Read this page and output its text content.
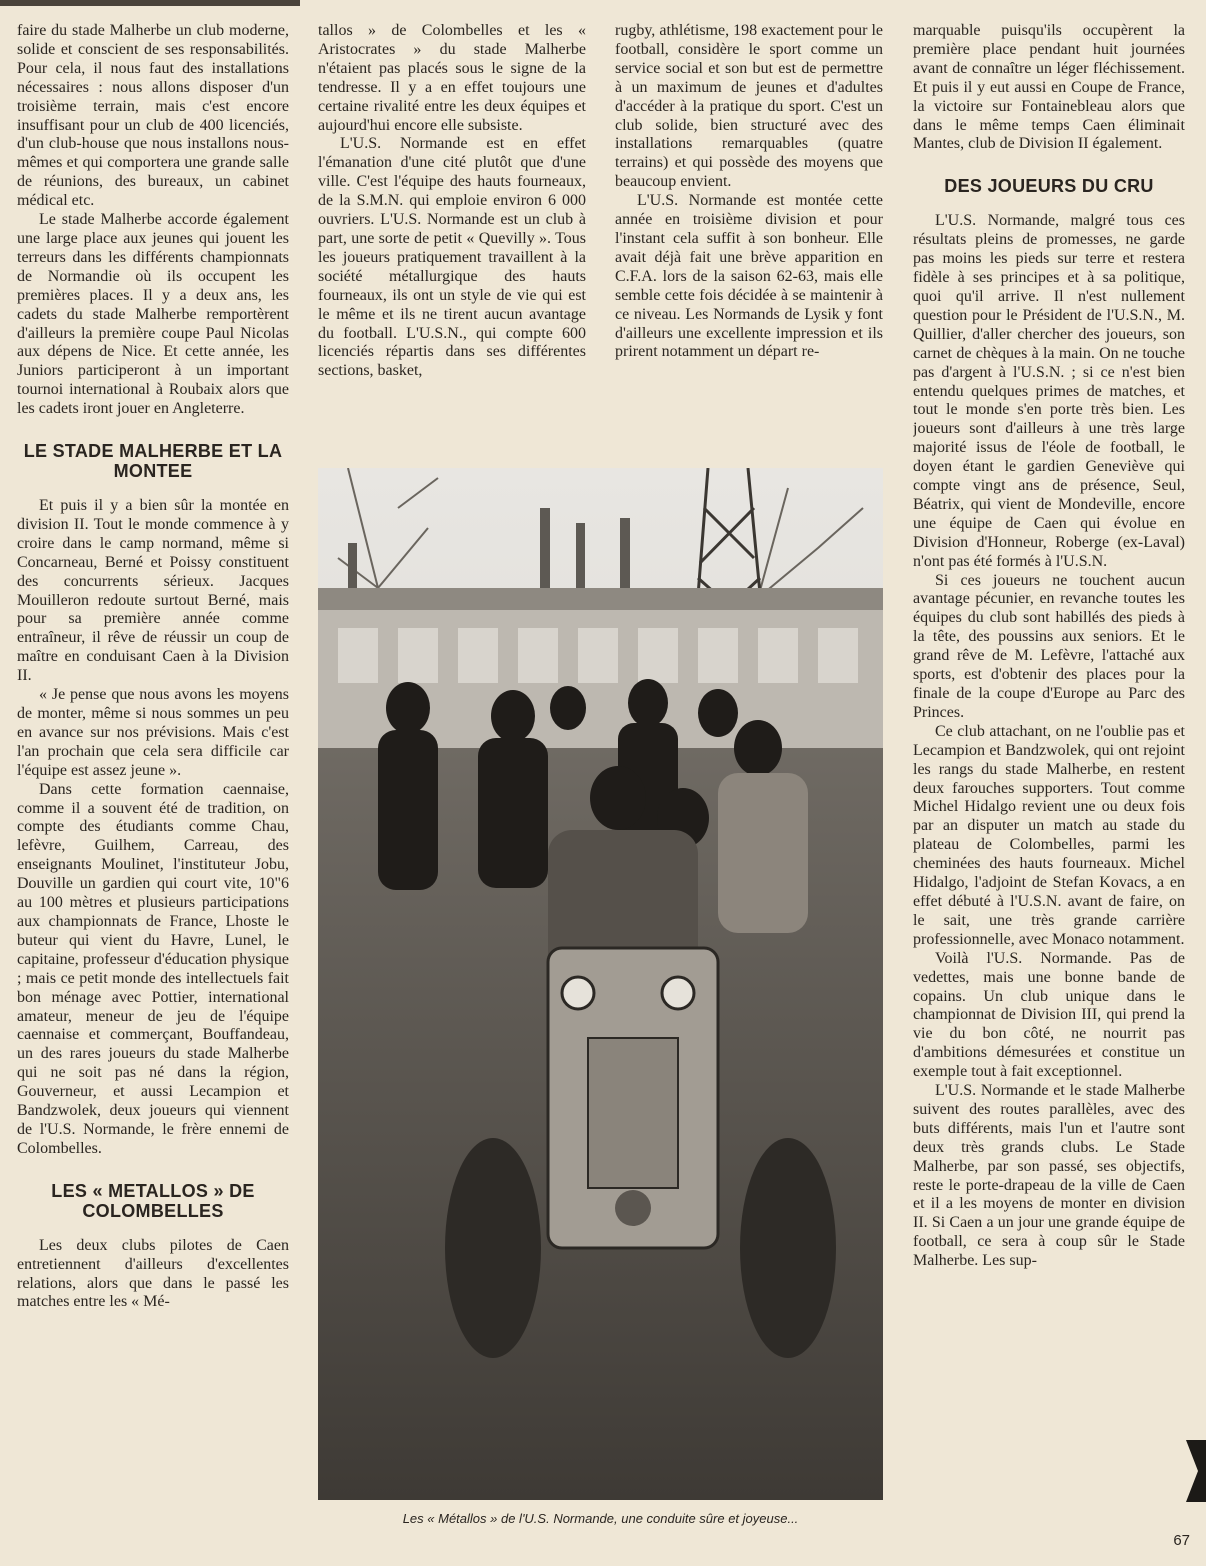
faire du stade Malherbe un club moderne, solide et conscient de ses responsabilités. Pour cela, il nous faut des installations nécessaires : nous allons disposer d'un troisième terrain, mais c'est encore insuffisant pour un club de 400 licenciés, d'un club-house que nous installons nous-mêmes et qui comportera une grande salle de réunions, des bureaux, un cabinet médical etc.

Le stade Malherbe accorde également une large place aux jeunes qui jouent les terreurs dans les différents championnats de Normandie où ils occupent les premières places. Il y a deux ans, les cadets du stade Malherbe remportèrent d'ailleurs la première coupe Paul Nicolas aux dépens de Nice. Et cette année, les Juniors participeront à un important tournoi international à Roubaix alors que les cadets iront jouer en Angleterre.

LE STADE MALHERBE ET LA MONTEE

Et puis il y a bien sûr la montée en division II. Tout le monde commence à y croire dans le camp normand, même si Concarneau, Berné et Poissy constituent des concurrents sérieux. Jacques Mouilleron redoute surtout Berné, mais pour sa première année comme entraîneur, il rêve de réussir un coup de maître en conduisant Caen à la Division II.

« Je pense que nous avons les moyens de monter, même si nous sommes un peu en avance sur nos prévisions. Mais c'est l'an prochain que cela sera difficile car l'équipe est assez jeune ».

Dans cette formation caennaise, comme il a souvent été de tradition, on compte des étudiants comme Chau, lefèvre, Guilhem, Carreau, des enseignants Moulinet, l'instituteur Jobu, Douville un gardien qui court vite, 10"6 au 100 mètres et plusieurs participations aux championnats de France, Lhoste le buteur qui vient du Havre, Lunel, le capitaine, professeur d'éducation physique ; mais ce petit monde des intellectuels fait bon ménage avec Pottier, international amateur, meneur de jeu de l'équipe caennaise et commerçant, Bouffandeau, un des rares joueurs du stade Malherbe qui ne soit pas né dans la région, Gouverneur, et aussi Lecampion et Bandzwolek, deux joueurs qui viennent de l'U.S. Normande, le frère ennemi de Colombelles.

LES « METALLOS » DE COLOMBELLES

Les deux clubs pilotes de Caen entretiennent d'ailleurs d'excellentes relations, alors que dans le passé les matches entre les « Mé-

tallos » de Colombelles et les « Aristocrates » du stade Malherbe n'étaient pas placés sous le signe de la tendresse. Il y a en effet toujours une certaine rivalité entre les deux équipes et aujourd'hui encore elle subsiste.

L'U.S. Normande est en effet l'émanation d'une cité plutôt que d'une ville. C'est l'équipe des hauts fourneaux, de la S.M.N. qui emploie environ 6 000 ouvriers. L'U.S. Normande est un club à part, une sorte de petit « Quevilly ». Tous les joueurs pratiquement travaillent à la société métallurgique des hauts fourneaux, ils ont un style de vie qui est le même et ils ne tirent aucun avantage du football. L'U.S.N., qui compte 600 licenciés répartis dans ses différentes sections, basket,

rugby, athlétisme, 198 exactement pour le football, considère le sport comme un service social et son but est de permettre à un maximum de jeunes et d'adultes d'accéder à la pratique du sport. C'est un club solide, bien structuré avec des installations remarquables (quatre terrains) et qui possède des moyens que beaucoup envient.

L'U.S. Normande est montée cette année en troisième division et pour l'instant cela suffit à son bonheur. Elle avait déjà fait une brève apparition en C.F.A. lors de la saison 62-63, mais elle semble cette fois décidée à se maintenir à ce niveau. Les Normands de Lysik y font d'ailleurs une excellente impression et ils prirent notamment un départ re-

Les « Métallos » de l'U.S. Normande, une conduite sûre et joyeuse...

marquable puisqu'ils occupèrent la première place pendant huit journées avant de connaître un léger fléchissement. Et puis il y eut aussi en Coupe de France, la victoire sur Fontainebleau alors que dans le même temps Caen éliminait Mantes, club de Division II également.

DES JOUEURS DU CRU

L'U.S. Normande, malgré tous ces résultats pleins de promesses, ne garde pas moins les pieds sur terre et restera fidèle à ses principes et à sa politique, quoi qu'il arrive. Il n'est nullement question pour le Président de l'U.S.N., M. Quillier, d'aller chercher des joueurs, son carnet de chèques à la main. On ne touche pas d'argent à l'U.S.N. ; si ce n'est bien entendu quelques primes de matches, et tout le monde s'en porte très bien. Les joueurs sont d'ailleurs à une très large majorité issus de l'éole de football, le doyen étant le gardien Geneviève qui compte vingt ans de présence, Seul, Béatrix, qui vient de Mondeville, encore une équipe de Caen qui évolue en Division d'Honneur, Roberge (ex-Laval) n'ont pas été formés à l'U.S.N.

Si ces joueurs ne touchent aucun avantage pécunier, en revanche toutes les équipes du club sont habillés des pieds à la tête, des poussins aux seniors. Et le grand rêve de M. Lefèvre, l'attaché aux sports, est d'obtenir des places pour la finale de la coupe d'Europe au Parc des Princes.

Ce club attachant, on ne l'oublie pas et Lecampion et Bandzwolek, qui ont rejoint les rangs du stade Malherbe, en restent deux farouches supporters. Tout comme Michel Hidalgo revient une ou deux fois par an disputer un match au stade du plateau de Colombelles, parmi les cheminées des hauts fourneaux. Michel Hidalgo, l'adjoint de Stefan Kovacs, a en effet débuté à l'U.S.N. avant de faire, on le sait, une très grande carrière professionnelle, avec Monaco notamment.

Voilà l'U.S. Normande. Pas de vedettes, mais une bonne bande de copains. Un club unique dans le championnat de Division III, qui prend la vie du bon côté, ne nourrit pas d'ambitions démesurées et constitue un exemple tout à fait exceptionnel.

L'U.S. Normande et le stade Malherbe suivent des routes parallèles, avec des buts différents, mais l'un et l'autre sont deux très grands clubs. Le Stade Malherbe, par son passé, ses objectifs, reste le porte-drapeau de la ville de Caen et il a les moyens de monter en division II. Si Caen a un jour une grande équipe de football, ce sera à coup sûr le Stade Malherbe. Les sup-

67
